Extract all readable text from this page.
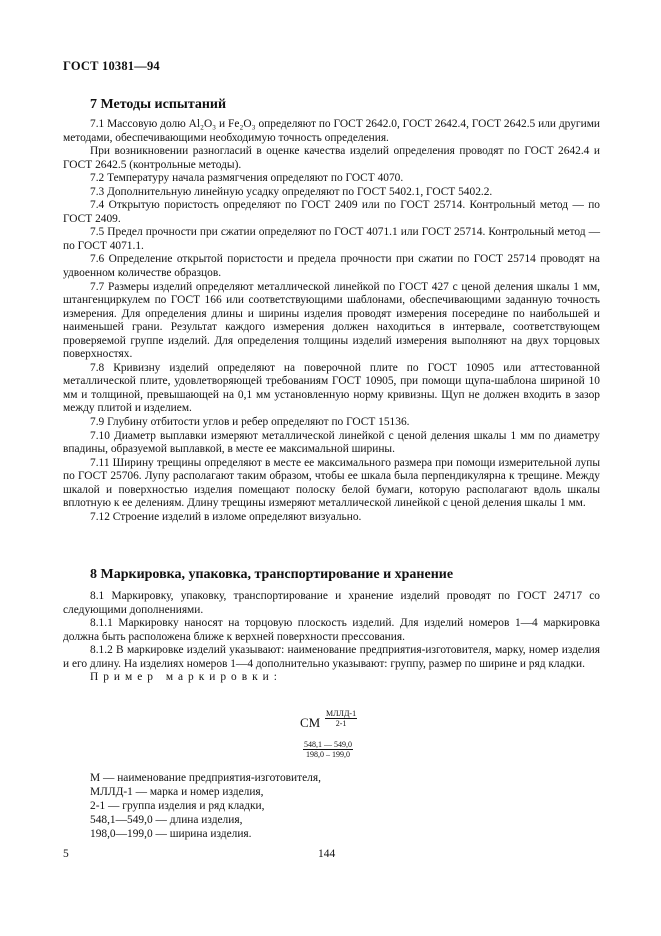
ГОСТ 10381—94
7 Методы испытаний

7.1 Массовую долю Al₂O₃ и Fe₂O₃ определяют по ГОСТ 2642.0, ГОСТ 2642.4, ГОСТ 2642.5 или другими методами, обеспечивающими необходимую точность определения.

При возникновении разногласий в оценке качества изделий определения проводят по ГОСТ 2642.4 и ГОСТ 2642.5 (контрольные методы).

7.2 Температуру начала размягчения определяют по ГОСТ 4070.

7.3 Дополнительную линейную усадку определяют по ГОСТ 5402.1, ГОСТ 5402.2.

7.4 Открытую пористость определяют по ГОСТ 2409 или по ГОСТ 25714. Контрольный метод — по ГОСТ 2409.

7.5 Предел прочности при сжатии определяют по ГОСТ 4071.1 или ГОСТ 25714. Контрольный метод — по ГОСТ 4071.1.

7.6 Определение открытой пористости и предела прочности при сжатии по ГОСТ 25714 проводят на удвоенном количестве образцов.

7.7 Размеры изделий определяют металлической линейкой по ГОСТ 427 с ценой деления шкалы 1 мм, штангенциркулем по ГОСТ 166 или соответствующими шаблонами, обеспечивающими заданную точность измерения. Для определения длины и ширины изделия проводят измерения посередине по наибольшей и наименьшей грани. Результат каждого измерения должен находиться в интервале, соответствующем проверяемой группе изделий. Для определения толщины изделий измерения выполняют на двух торцовых поверхностях.

7.8 Кривизну изделий определяют на поверочной плите по ГОСТ 10905 или аттестованной металлической плите, удовлетворяющей требованиям ГОСТ 10905, при помощи щупа-шаблона шириной 10 мм и толщиной, превышающей на 0,1 мм установленную норму кривизны. Щуп не должен входить в зазор между плитой и изделием.

7.9 Глубину отбитости углов и ребер определяют по ГОСТ 15136.

7.10 Диаметр выплавки измеряют металлической линейкой с ценой деления шкалы 1 мм по диаметру впадины, образуемой выплавкой, в месте ее максимальной ширины.

7.11 Ширину трещины определяют в месте ее максимального размера при помощи измерительной лупы по ГОСТ 25706. Лупу располагают таким образом, чтобы ее шкала была перпендикулярна к трещине. Между шкалой и поверхностью изделия помещают полоску белой бумаги, которую располагают вдоль шкалы вплотную к ее делениям. Длину трещины измеряют металлической линейкой с ценой деления шкалы 1 мм.

7.12 Строение изделий в изломе определяют визуально.

8 Маркировка, упаковка, транспортирование и хранение

8.1 Маркировку, упаковку, транспортирование и хранение изделий проводят по ГОСТ 24717 со следующими дополнениями.

8.1.1 Маркировку наносят на торцовую плоскость изделий. Для изделий номеров 1—4 маркировка должна быть расположена ближе к верхней поверхности прессования.

8.1.2 В маркировке изделий указывают: наименование предприятия-изготовителя, марку, номер изделия и его длину. На изделиях номеров 1—4 дополнительно указывают: группу, размер по ширине и ряд кладки.

Пример маркировки:

СМ
МЛЛД-1
2-1
548,1 — 549,0
198,0 – 199,0
М — наименование предприятия-изготовителя,
МЛЛД-1 — марка и номер изделия,
2-1 — группа изделия и ряд кладки,
548,1—549,0 — длина изделия,
198,0—199,0 — ширина изделия.
5	144
